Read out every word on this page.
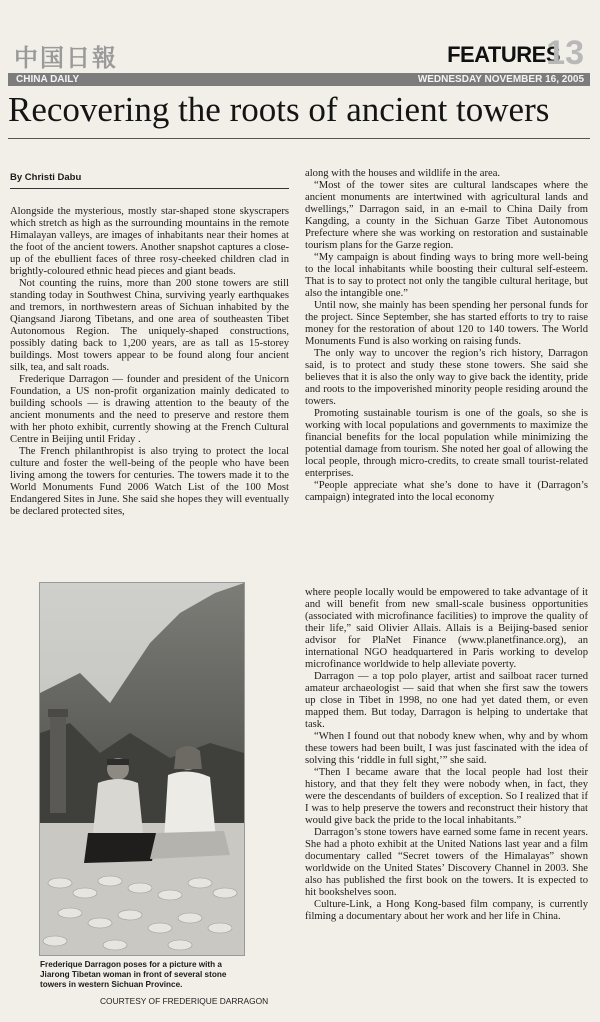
中国日報	FEATURES
13
CHINA DAILY	WEDNESDAY NOVEMBER 16, 2005
Recovering the roots of ancient towers
By Christi Dabu

Alongside the mysterious, mostly star-shaped stone skyscrapers which stretch as high as the surrounding mountains in the remote Himalayan valleys, are images of inhabitants near their homes at the foot of the ancient towers. Another snapshot captures a close-up of the ebullient faces of three rosy-cheeked children clad in brightly-coloured ethnic head pieces and giant beads.

Not counting the ruins, more than 200 stone towers are still standing today in Southwest China, surviving yearly earthquakes and tremors, in northwestern areas of Sichuan inhabited by the Qiangsand Jiarong Tibetans, and one area of southeasten Tibet Autonomous Region. The uniquely-shaped constructions, possibly dating back to 1,200 years, are as tall as 15-storey buildings. Most towers appear to be found along four ancient silk, tea, and salt roads.

Frederique Darragon — founder and president of the Unicorn Foundation, a US non-profit organization mainly dedicated to building schools — is drawing attention to the beauty of the ancient monuments and the need to preserve and restore them with her photo exhibit, currently showing at the French Cultural Centre in Beijing until Friday .

The French philanthropist is also trying to protect the local culture and foster the well-being of the people who have been living among the towers for centuries. The towers made it to the World Monuments Fund 2006 Watch List of the 100 Most Endangered Sites in June. She said she hopes they will eventually be declared protected sites,

along with the houses and wildlife in the area.

“Most of the tower sites are cultural landscapes where the ancient monuments are intertwined with agricultural lands and dwellings,” Darragon said, in an e-mail to China Daily from Kangding, a county in the Sichuan Garze Tibet Autonomous Prefecture where she was working on restoration and sustainable tourism plans for the Garze region.

“My campaign is about finding ways to bring more well-being to the local inhabitants while boosting their cultural self-esteem. That is to say to protect not only the tangible cultural heritage, but also the intangible one.”

Until now, she mainly has been spending her personal funds for the project. Since September, she has started efforts to try to raise money for the restoration of about 120 to 140 towers. The World Monuments Fund is also working on raising funds.

The only way to uncover the region’s rich history, Darragon said, is to protect and study these stone towers. She said she believes that it is also the only way to give back the identity, pride and roots to the impoverished minority people residing around the towers.

Promoting sustainable tourism is one of the goals, so she is working with local populations and governments to maximize the financial benefits for the local population while minimizing the potential damage from tourism. She noted her goal of allowing the local people, through micro-credits, to create small tourist-related enterprises.

“People appreciate what she’s done to have it (Darragon’s campaign) integrated into the local economy

Frederique Darragon poses for a picture with a Jiarong Tibetan woman in front of several stone towers in western Sichuan Province.
COURTESY OF FREDERIQUE DARRAGON

where people locally would be empowered to take advantage of it and will benefit from new small-scale business opportunities (associated with microfinance facilities) to improve the quality of their life,” said Olivier Allais. Allais is a Beijing-based senior advisor for PlaNet Finance (www.planetfinance.org), an international NGO headquartered in Paris working to develop microfinance worldwide to help alleviate poverty.

Darragon — a top polo player, artist and sailboat racer turned amateur archaeologist — said that when she first saw the towers up close in Tibet in 1998, no one had yet dated them, or even mapped them. But today, Darragon is helping to undertake that task.

“When I found out that nobody knew when, why and by whom these towers had been built, I was just fascinated with the idea of solving this ‘riddle in full sight,’” she said.

“Then I became aware that the local people had lost their history, and that they felt they were nobody when, in fact, they were the descendants of builders of exception. So I realized that if I was to help preserve the towers and reconstruct their history that would give back the pride to the local inhabitants.”

Darragon’s stone towers have earned some fame in recent years. She had a photo exhibit at the United Nations last year and a film documentary called “Secret towers of the Himalayas” shown worldwide on the United States’ Discovery Channel in 2003. She also has published the first book on the towers. It is expected to hit bookshelves soon.

Culture-Link, a Hong Kong-based film company, is currently filming a documentary about her work and her life in China.
